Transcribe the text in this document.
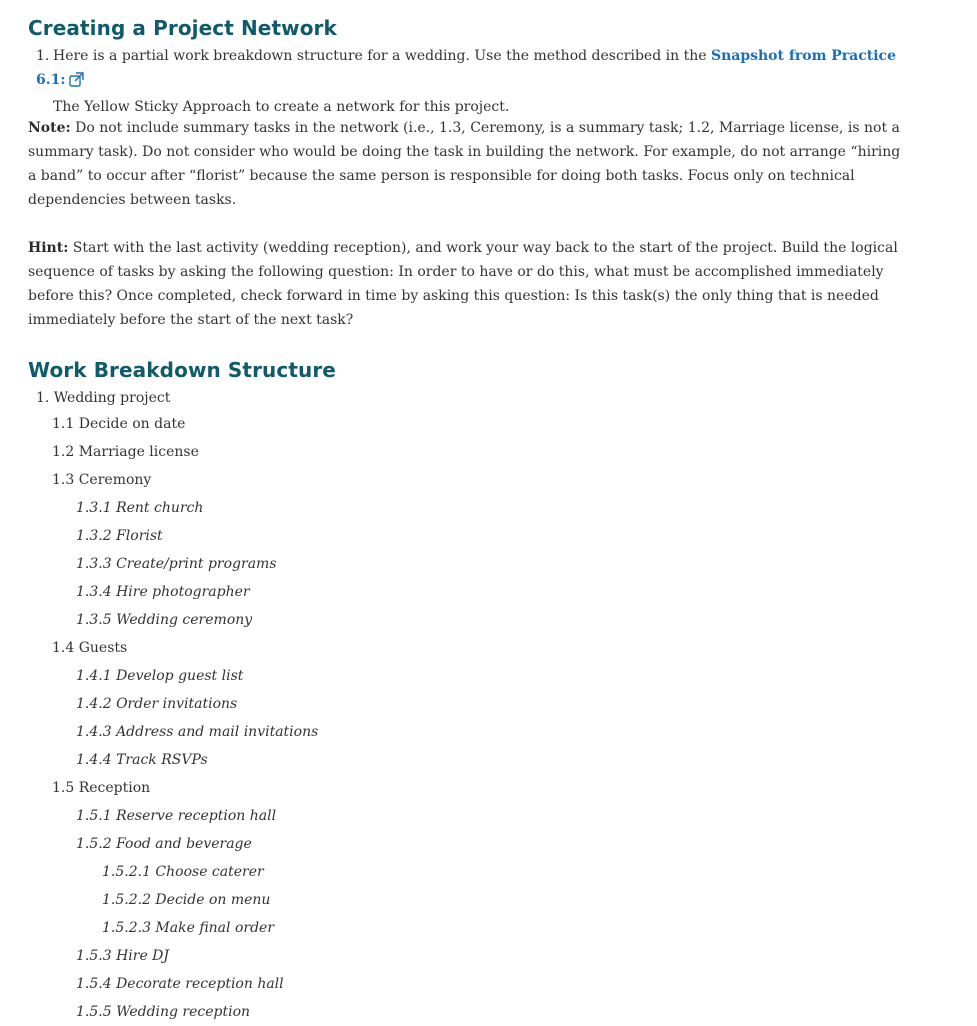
Creating a Project Network
1. Here is a partial work breakdown structure for a wedding. Use the method described in the Snapshot from Practice 6.1:
The Yellow Sticky Approach to create a network for this project.
Note: Do not include summary tasks in the network (i.e., 1.3, Ceremony, is a summary task; 1.2, Marriage license, is not a summary task). Do not consider who would be doing the task in building the network. For example, do not arrange “hiring a band” to occur after “florist” because the same person is responsible for doing both tasks. Focus only on technical dependencies between tasks.
Hint: Start with the last activity (wedding reception), and work your way back to the start of the project. Build the logical sequence of tasks by asking the following question: In order to have or do this, what must be accomplished immediately before this? Once completed, check forward in time by asking this question: Is this task(s) the only thing that is needed immediately before the start of the next task?
Work Breakdown Structure
1. Wedding project
1.1 Decide on date
1.2 Marriage license
1.3 Ceremony
1.3.1 Rent church
1.3.2 Florist
1.3.3 Create/print programs
1.3.4 Hire photographer
1.3.5 Wedding ceremony
1.4 Guests
1.4.1 Develop guest list
1.4.2 Order invitations
1.4.3 Address and mail invitations
1.4.4 Track RSVPs
1.5 Reception
1.5.1 Reserve reception hall
1.5.2 Food and beverage
1.5.2.1 Choose caterer
1.5.2.2 Decide on menu
1.5.2.3 Make final order
1.5.3 Hire DJ
1.5.4 Decorate reception hall
1.5.5 Wedding reception
